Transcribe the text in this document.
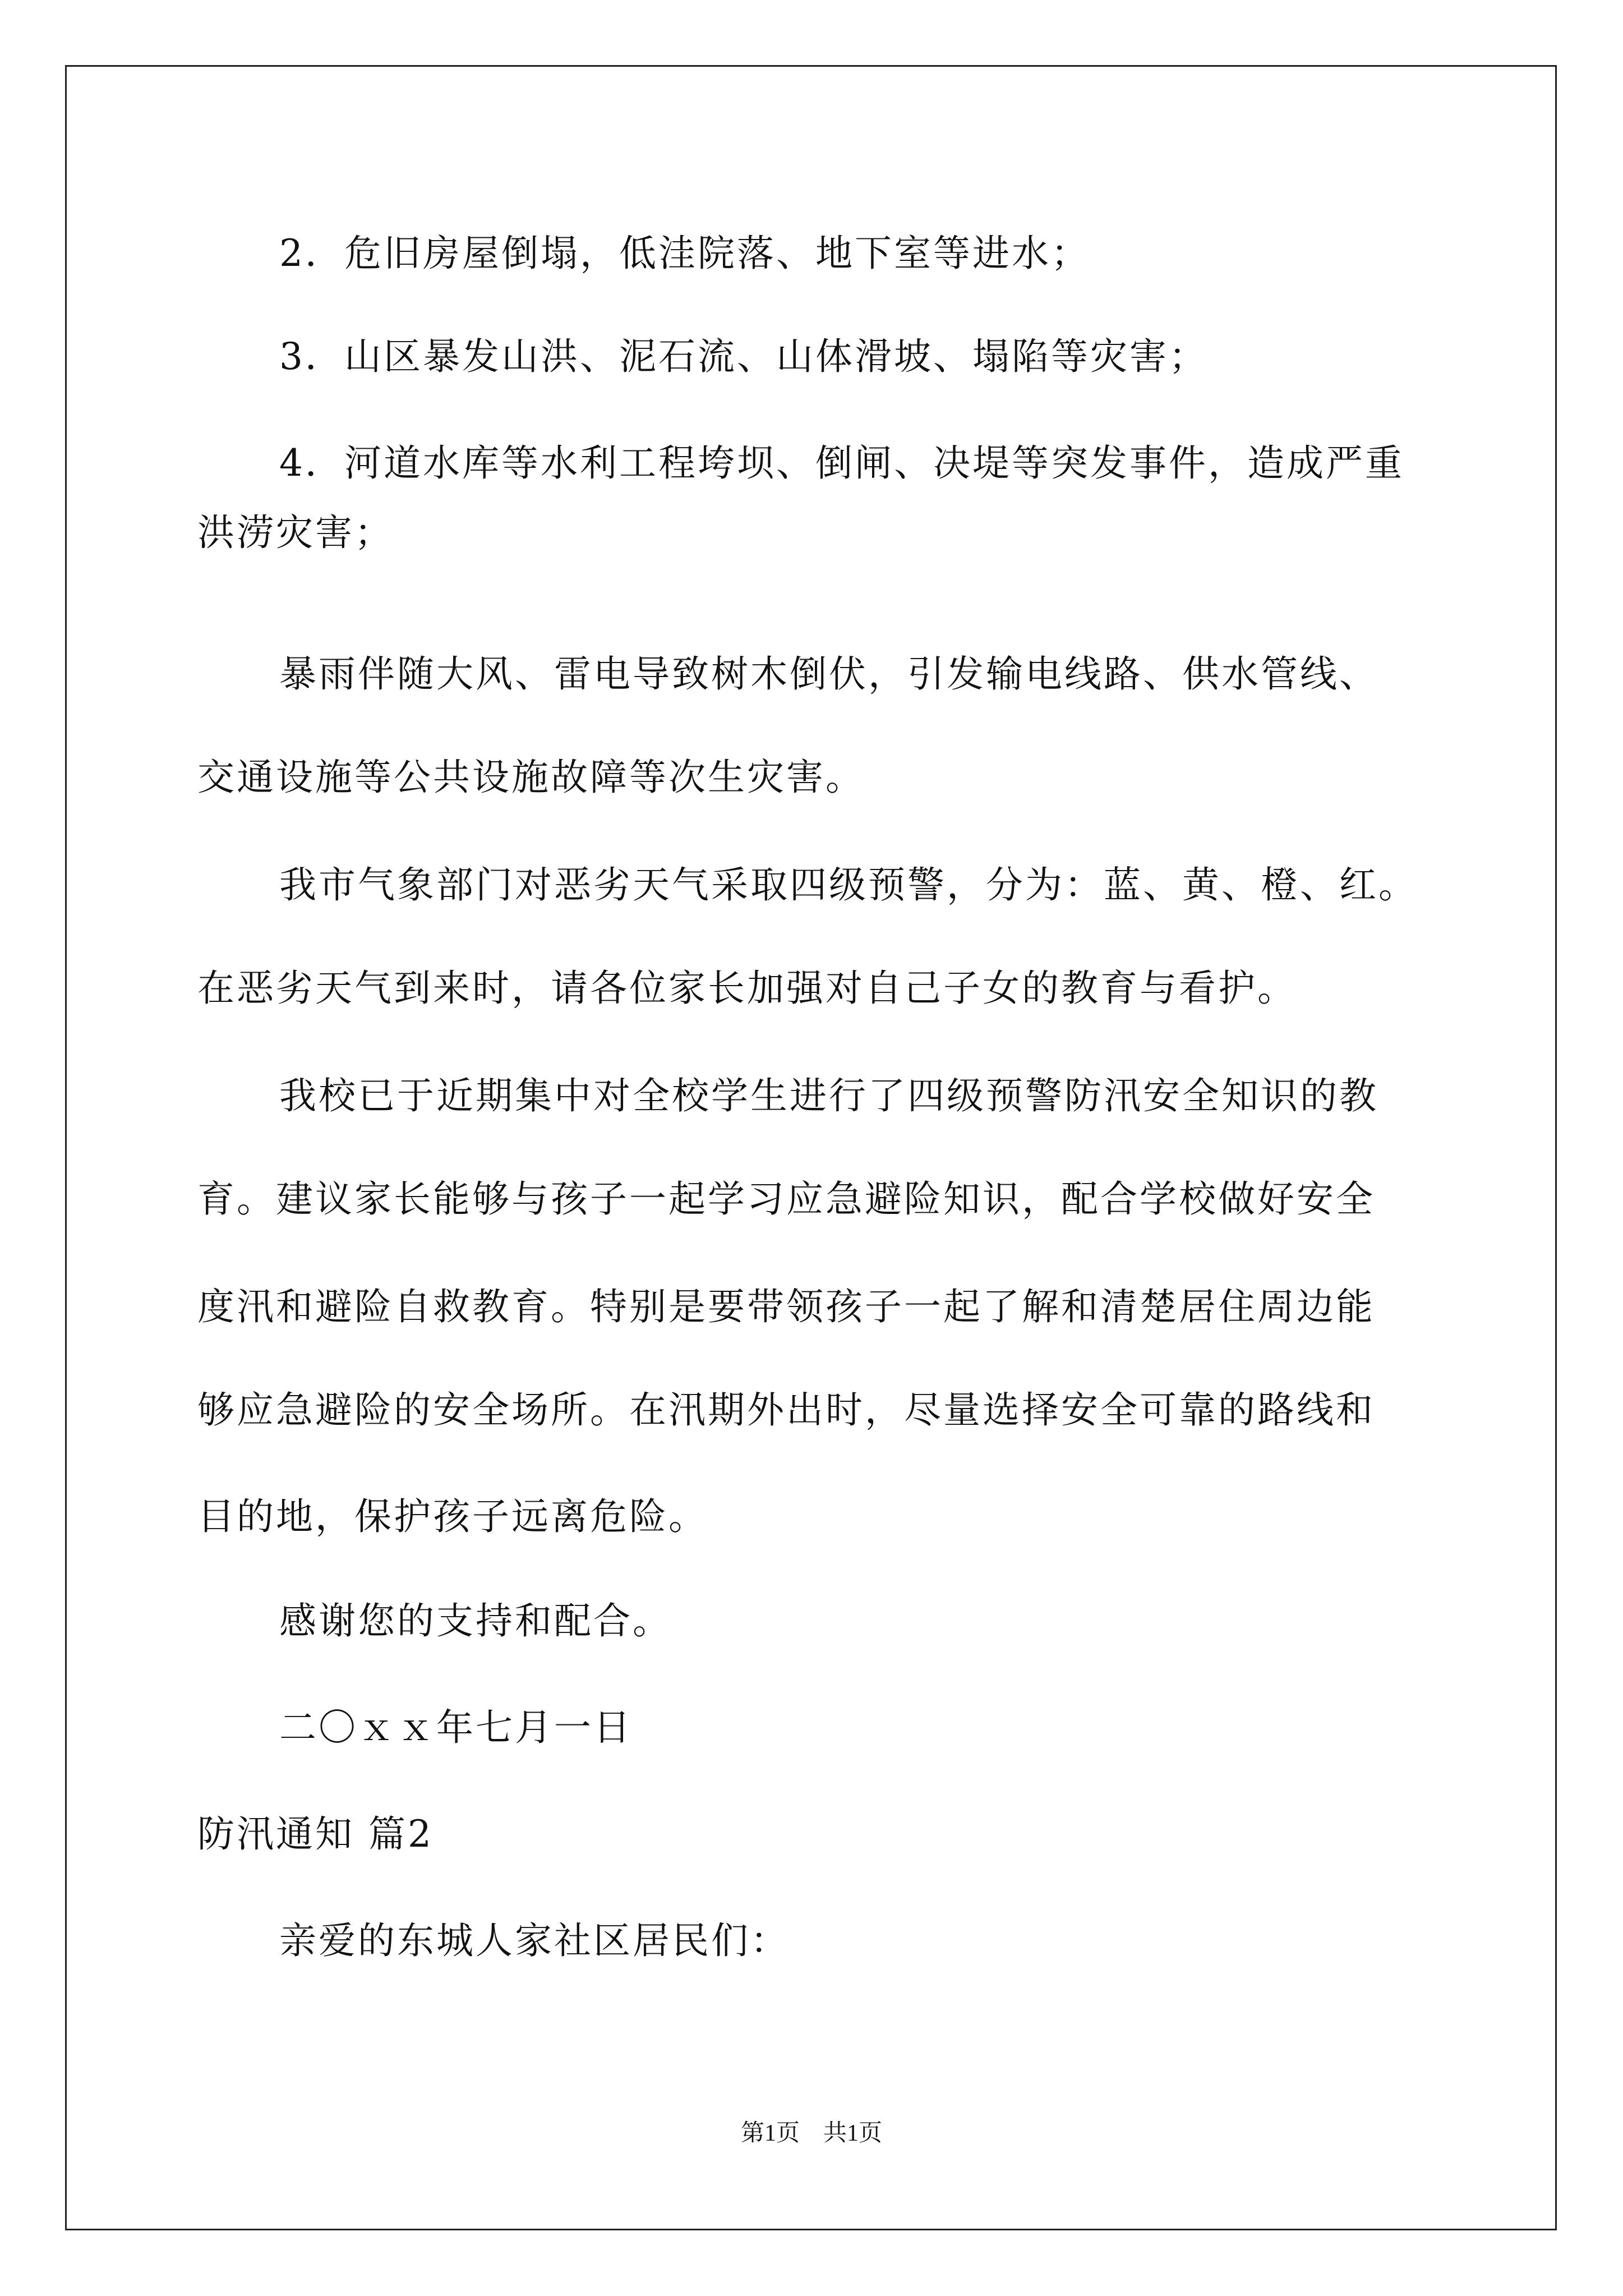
2．危旧房屋倒塌，低洼院落、地下室等进水；
3．山区暴发山洪、泥石流、山体滑坡、塌陷等灾害；
4．河道水库等水利工程垮坝、倒闸、决堤等突发事件，造成严重
洪涝灾害；
暴雨伴随大风、雷电导致树木倒伏，引发输电线路、供水管线、
交通设施等公共设施故障等次生灾害。
我市气象部门对恶劣天气采取四级预警，分为：蓝、黄、橙、红。
在恶劣天气到来时，请各位家长加强对自己子女的教育与看护。
我校已于近期集中对全校学生进行了四级预警防汛安全知识的教
育。建议家长能够与孩子一起学习应急避险知识，配合学校做好安全
度汛和避险自救教育。特别是要带领孩子一起了解和清楚居住周边能
够应急避险的安全场所。在汛期外出时，尽量选择安全可靠的路线和
目的地，保护孩子远离危险。
感谢您的支持和配合。
二〇ｘｘ年七月一日
防汛通知 篇2
亲爱的东城人家社区居民们：
第1页　共1页
